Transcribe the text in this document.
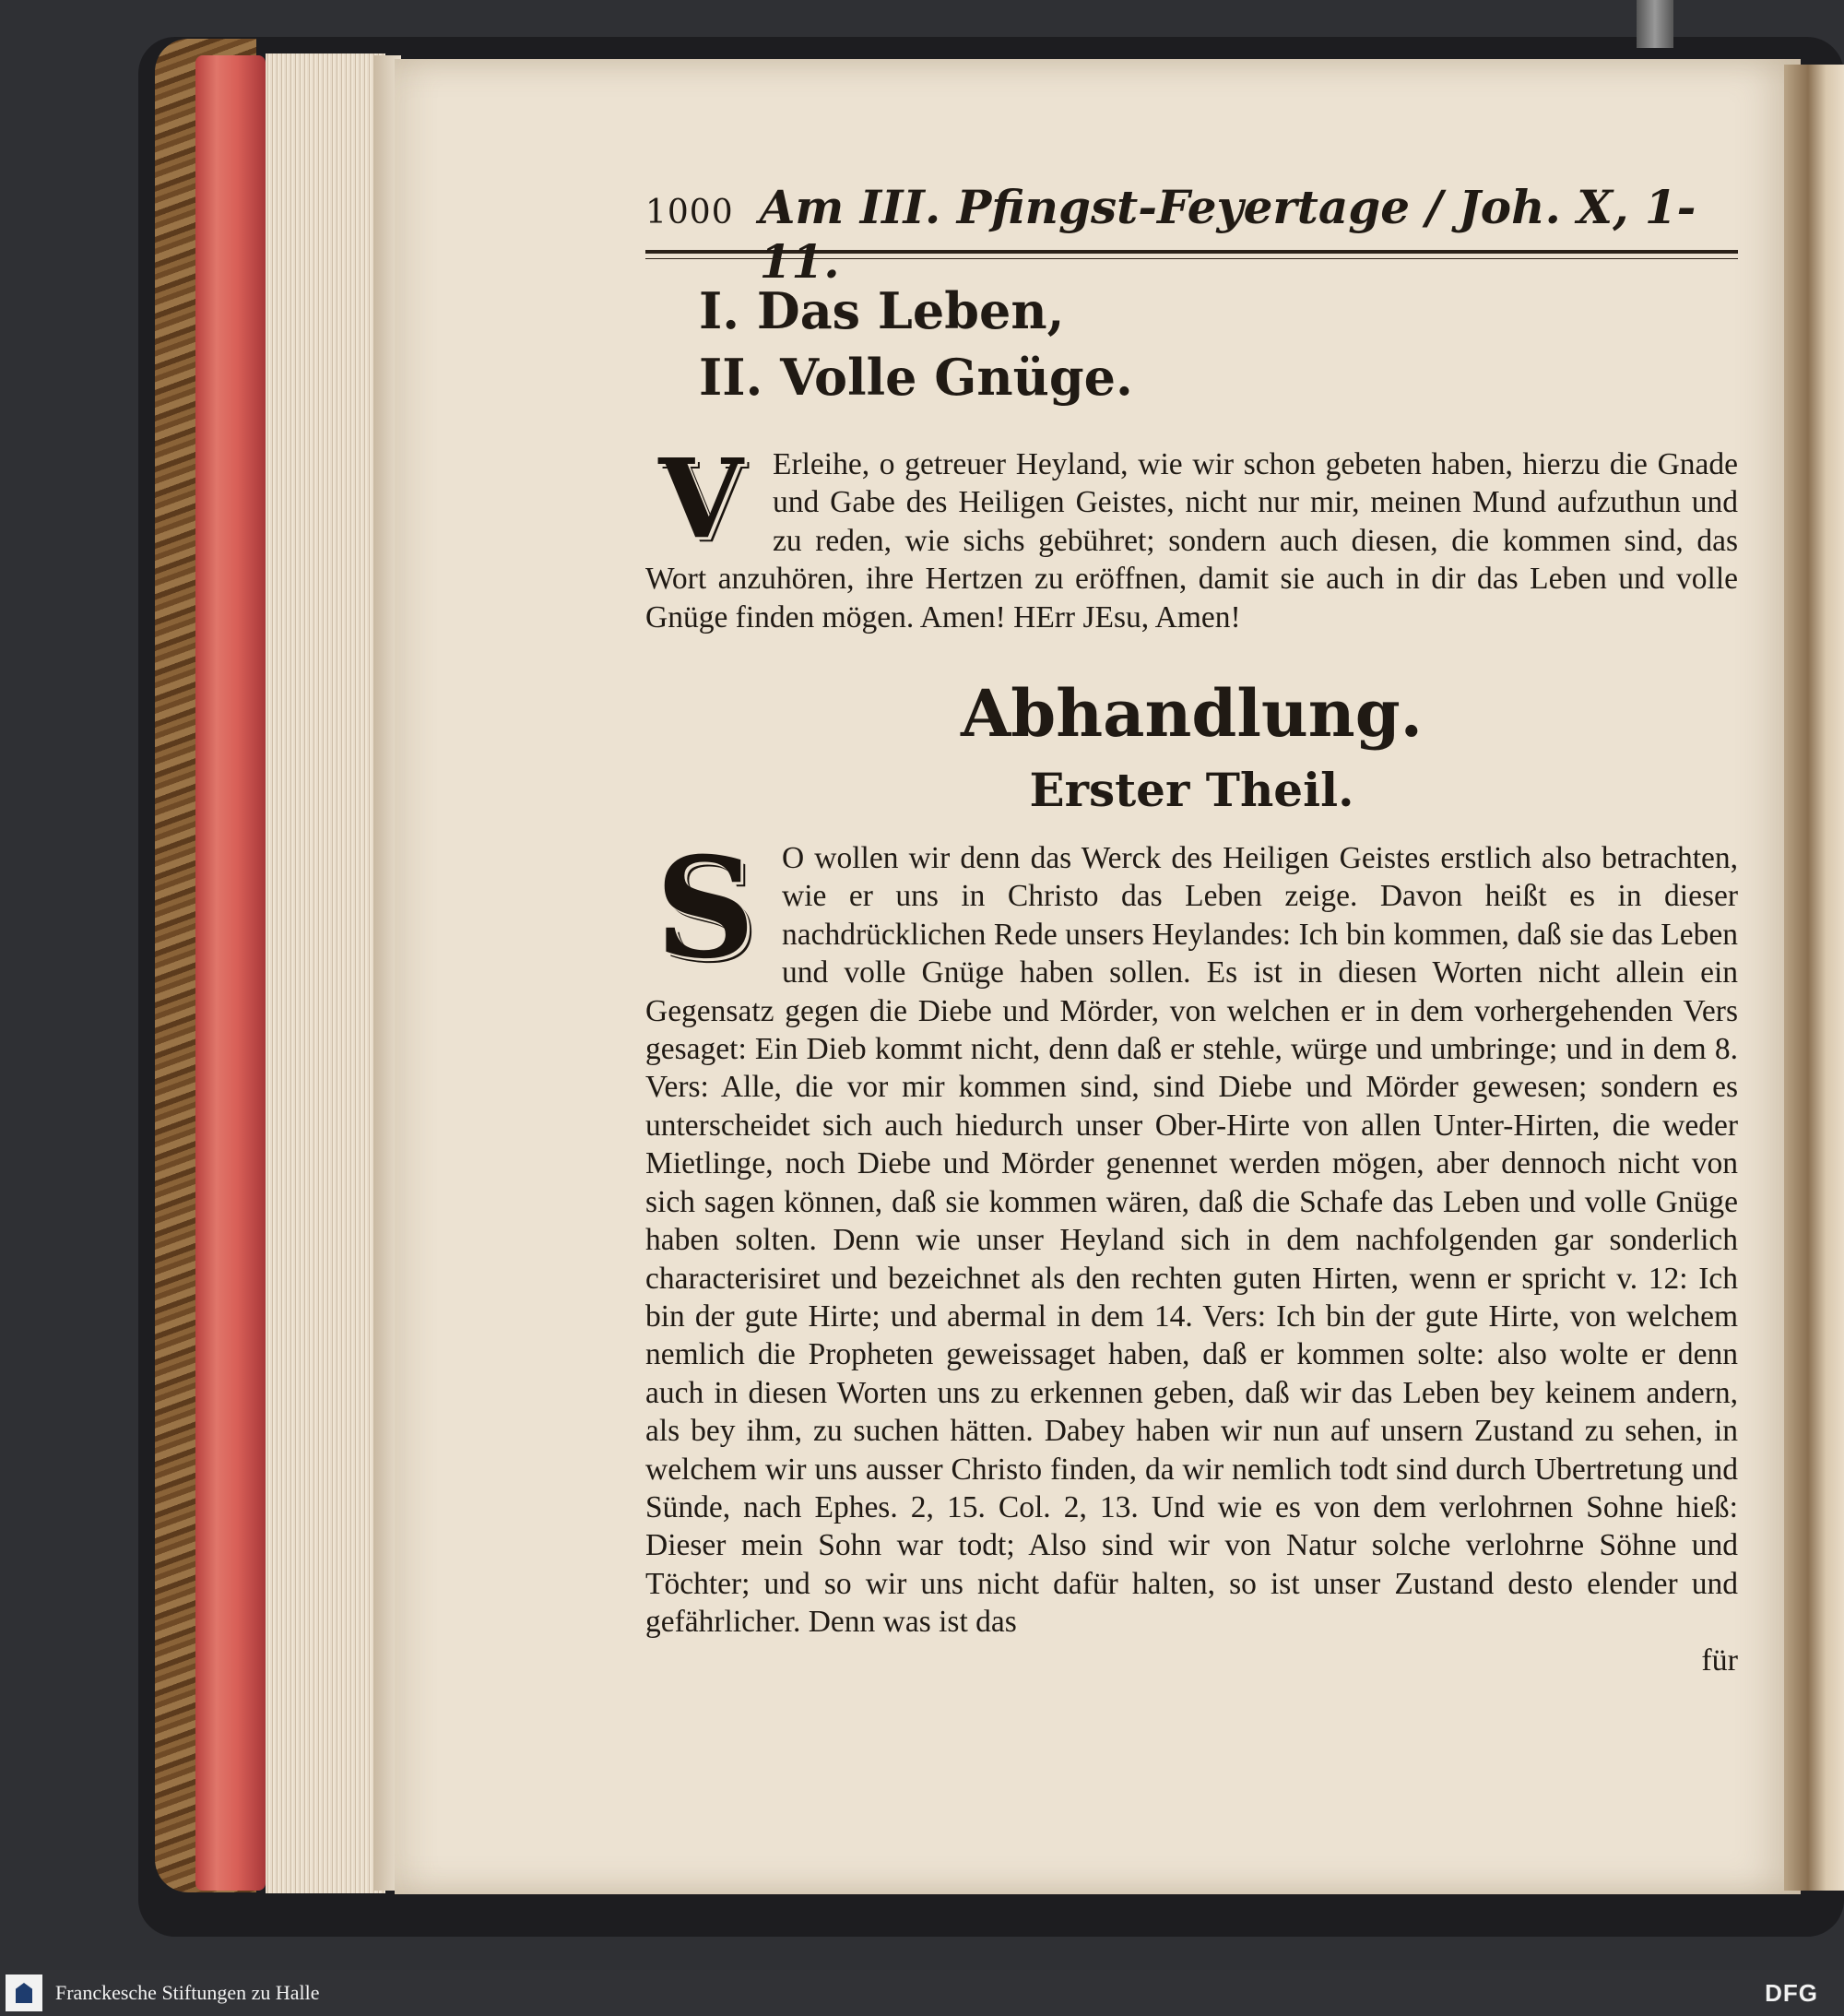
1000 Am III. Pfingst-Feyertage / Joh. X, 1-11.
I. Das Leben,
II. Volle Gnüge.

V Erleihe, o getreuer Heyland, wie wir schon gebeten haben, hierzu die Gnade und Gabe des Heiligen Geistes, nicht nur mir, meinen Mund aufzuthun und zu reden, wie sichs gebühret; sondern auch diesen, die kommen sind, das Wort anzuhören, ihre Hertzen zu eröffnen, damit sie auch in dir das Leben und volle Gnüge finden mögen. Amen! HErr JEsu, Amen!

Abhandlung.
Erster Theil.

S O wollen wir denn das Werck des Heiligen Geistes erstlich also betrachten, wie er uns in Christo das Leben zeige. Davon heißt es in dieser nachdrücklichen Rede unsers Heylandes: Ich bin kommen, daß sie das Leben und volle Gnüge haben sollen. Es ist in diesen Worten nicht allein ein Gegensatz gegen die Diebe und Mörder, von welchen er in dem vorhergehenden Vers gesaget: Ein Dieb kommt nicht, denn daß er stehle, würge und umbringe; und in dem 8. Vers: Alle, die vor mir kommen sind, sind Diebe und Mörder gewesen; sondern es unterscheidet sich auch hiedurch unser Ober-Hirte von allen Unter-Hirten, die weder Mietlinge, noch Diebe und Mörder genennet werden mögen, aber dennoch nicht von sich sagen können, daß sie kommen wären, daß die Schafe das Leben und volle Gnüge haben solten. Denn wie unser Heyland sich in dem nachfolgenden gar sonderlich characterisiret und bezeichnet als den rechten guten Hirten, wenn er spricht v. 12: Ich bin der gute Hirte; und abermal in dem 14. Vers: Ich bin der gute Hirte, von welchem nemlich die Propheten geweissaget haben, daß er kommen solte: also wolte er denn auch in diesen Worten uns zu erkennen geben, daß wir das Leben bey keinem andern, als bey ihm, zu suchen hätten. Dabey haben wir nun auf unsern Zustand zu sehen, in welchem wir uns ausser Christo finden, da wir nemlich todt sind durch Ubertretung und Sünde, nach Ephes. 2, 15. Col. 2, 13. Und wie es von dem verlohrnen Sohne hieß: Dieser mein Sohn war todt; Also sind wir von Natur solche verlohrne Söhne und Töchter; und so wir uns nicht dafür halten, so ist unser Zustand desto elender und gefährlicher. Denn was ist das

für
Franckesche Stiftungen zu Halle	DFG
